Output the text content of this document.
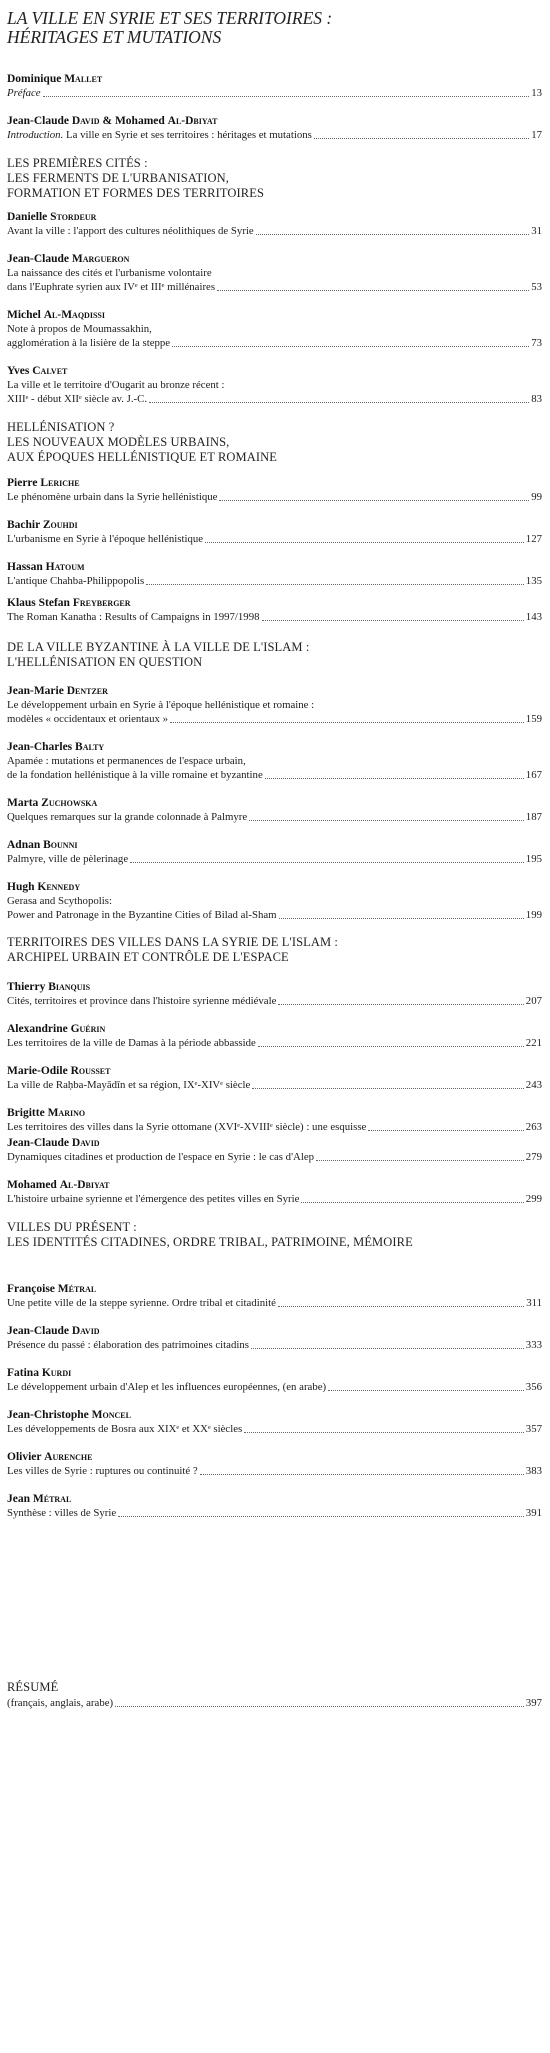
LA VILLE EN SYRIE ET SES TERRITOIRES :
HÉRITAGES ET MUTATIONS
Dominique Mallet
Préface	13
Jean-Claude David & Mohamed Al-Dbiyat
Introduction. La ville en Syrie et ses territoires : héritages et mutations	17
LES PREMIÈRES CITÉS :
LES FERMENTS DE L'URBANISATION,
FORMATION ET FORMES DES TERRITOIRES
Danielle Stordeur
Avant la ville : l'apport des cultures néolithiques de Syrie	31
Jean-Claude Margueron
La naissance des cités et l'urbanisme volontaire
dans l'Euphrate syrien aux IVᵉ et IIIᵉ millénaires	53
Michel Al-Maqdissi
Note à propos de Moumassakhin,
agglomération à la lisière de la steppe	73
Yves Calvet
La ville et le territoire d'Ougarit au bronze récent :
XIIIᵉ - début XIIᵉ siècle av. J.-C.	83
HELLÉNISATION ?
LES NOUVEAUX MODÈLES URBAINS,
AUX ÉPOQUES HELLÉNISTIQUE ET ROMAINE
Pierre Leriche
Le phénomène urbain dans la Syrie hellénistique	99
Bachir Zouhdi
L'urbanisme en Syrie à l'époque hellénistique	127
Hassan Hatoum
L'antique Chahba-Philippopolis	135
Klaus Stefan Freyberger
The Roman Kanatha : Results of Campaigns in 1997/1998	143
DE LA VILLE BYZANTINE À LA VILLE DE L'ISLAM :
L'HELLÉNISATION EN QUESTION
Jean-Marie Dentzer
Le développement urbain en Syrie à l'époque hellénistique et romaine :
modèles « occidentaux et orientaux »	159
Jean-Charles Balty
Apamée : mutations et permanences de l'espace urbain,
de la fondation hellénistique à la ville romaine et byzantine	167
Marta Zuchowska
Quelques remarques sur la grande colonnade à Palmyre	187
Adnan Bounni
Palmyre, ville de pèlerinage	195
Hugh Kennedy
Gerasa and Scythopolis:
Power and Patronage in the Byzantine Cities of Bilad al-Sham	199
TERRITOIRES DES VILLES DANS LA SYRIE DE L'ISLAM :
ARCHIPEL URBAIN ET CONTRÔLE DE L'ESPACE
Thierry Bianquis
Cités, territoires et province dans l'histoire syrienne médiévale	207
Alexandrine Guérin
Les territoires de la ville de Damas à la période abbasside	221
Marie-Odile Rousset
La ville de Raḥba-Mayādīn et sa région, IXᵉ-XIVᵉ siècle	243
Brigitte Marino
Les territoires des villes dans la Syrie ottomane (XVIᵉ-XVIIIᵉ siècle) : une esquisse	263
Jean-Claude David
Dynamiques citadines et production de l'espace en Syrie : le cas d'Alep	279
Mohamed Al-Dbiyat
L'histoire urbaine syrienne et l'émergence des petites villes en Syrie	299
VILLES DU PRÉSENT :
LES IDENTITÉS CITADINES, ORDRE TRIBAL, PATRIMOINE, MÉMOIRE
Françoise Métral
Une petite ville de la steppe syrienne. Ordre tribal et citadinité	311
Jean-Claude David
Présence du passé : élaboration des patrimoines citadins	333
Fatina Kurdi
Le développement urbain d'Alep et les influences européennes, (en arabe)	356
Jean-Christophe Moncel
Les développements de Bosra aux XIXᵉ et XXᵉ siècles	357
Olivier Aurenche
Les villes de Syrie : ruptures ou continuité ?	383
Jean Métral
Synthèse : villes de Syrie	391
RÉSUMÉ
(français, anglais, arabe)	397
